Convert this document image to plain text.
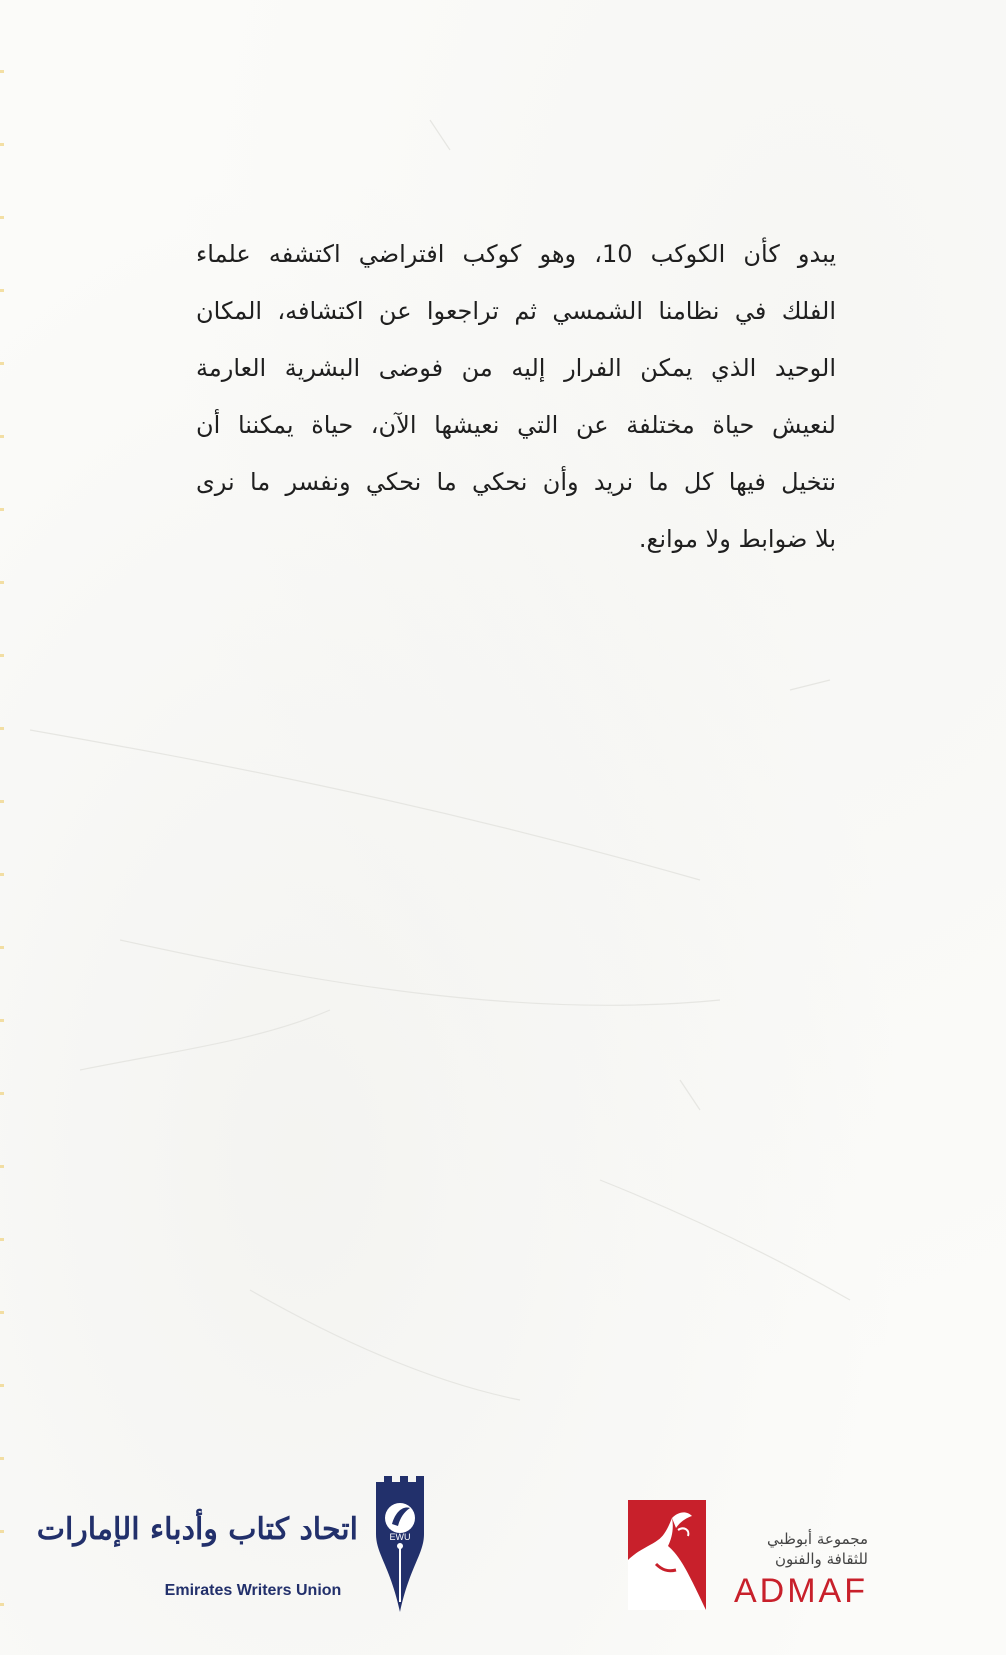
يبدو كأن الكوكب 10، وهو كوكب افتراضي اكتشفه علماء
الفلك في نظامنا الشمسي ثم تراجعوا عن اكتشافه، المكان
الوحيد الذي يمكن الفرار إليه من فوضى البشرية العارمة
لنعيش حياة مختلفة عن التي نعيشها الآن، حياة يمكننا أن
نتخيل فيها كل ما نريد وأن نحكي ما نحكي ونفسر ما نرى
بلا ضوابط ولا موانع.

اتحاد كتاب وأدباء الإمارات
Emirates Writers Union
EWU	مجموعة أبوظبي
للثقافة والفنون
ADMAF
